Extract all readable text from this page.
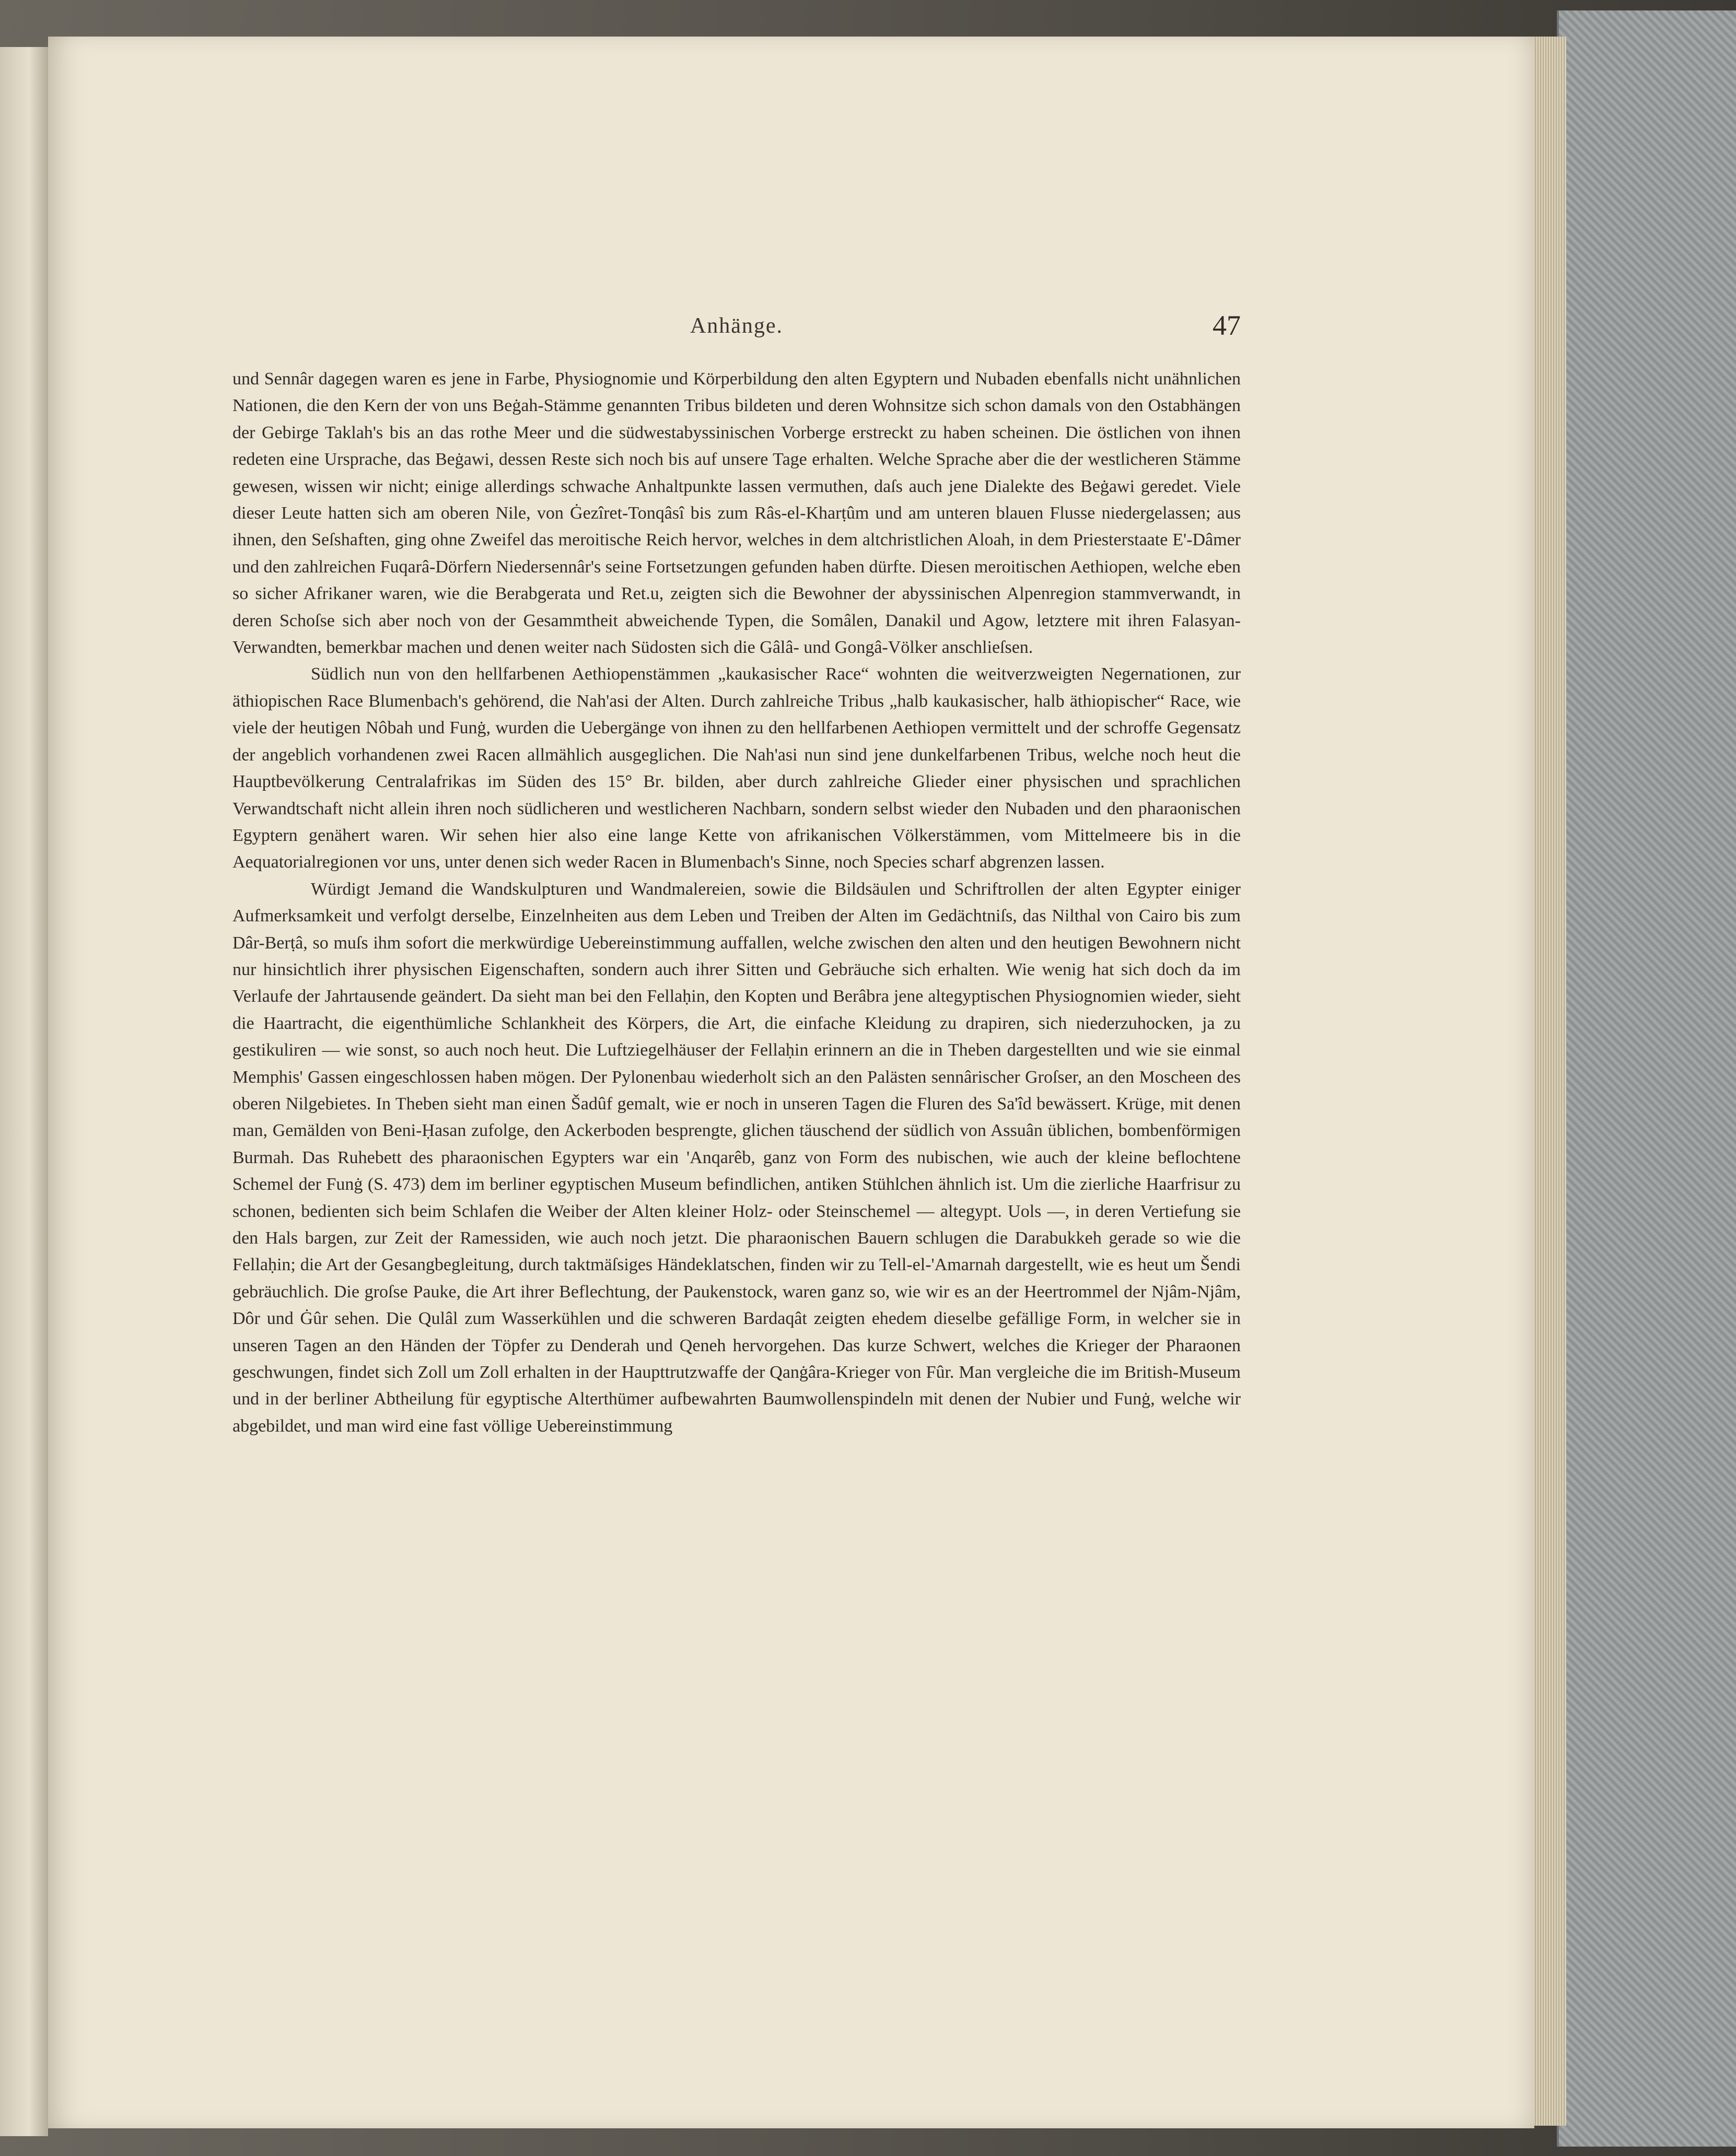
Anhänge.	47

und Sennâr dagegen waren es jene in Farbe, Physiognomie und Körperbildung den alten Egyptern und Nubaden ebenfalls nicht unähnlichen Nationen, die den Kern der von uns Beġah-Stämme genannten Tribus bildeten und deren Wohnsitze sich schon damals von den Ostabhängen der Gebirge Taklah's bis an das rothe Meer und die südwestabyssinischen Vorberge erstreckt zu haben scheinen. Die östlichen von ihnen redeten eine Ursprache, das Beġawi, dessen Reste sich noch bis auf unsere Tage erhalten. Welche Sprache aber die der westlicheren Stämme gewesen, wissen wir nicht; einige allerdings schwache Anhaltpunkte lassen vermuthen, daſs auch jene Dialekte des Beġawi geredet. Viele dieser Leute hatten sich am oberen Nile, von Ġezîret-Tonqâsî bis zum Râs-el-Kharṭûm und am unteren blauen Flusse niedergelassen; aus ihnen, den Seſshaften, ging ohne Zweifel das meroitische Reich hervor, welches in dem altchristlichen Aloah, in dem Priesterstaate E'-Dâmer und den zahlreichen Fuqarâ-Dörfern Niedersennâr's seine Fortsetzungen gefunden haben dürfte. Diesen meroitischen Aethiopen, welche eben so sicher Afrikaner waren, wie die Berabgerata und Ret.u, zeigten sich die Bewohner der abyssinischen Alpenregion stammverwandt, in deren Schoſse sich aber noch von der Gesammtheit abweichende Typen, die Somâlen, Danakil und Agow, letztere mit ihren Falasyan-Verwandten, bemerkbar machen und denen weiter nach Südosten sich die Gâlâ- und Gongâ-Völker anschlieſsen.

Südlich nun von den hellfarbenen Aethiopenstämmen „kaukasischer Race“ wohnten die weitverzweigten Negernationen, zur äthiopischen Race Blumenbach's gehörend, die Nah'asi der Alten. Durch zahlreiche Tribus „halb kaukasischer, halb äthiopischer“ Race, wie viele der heutigen Nôbah und Funġ, wurden die Uebergänge von ihnen zu den hellfarbenen Aethiopen vermittelt und der schroffe Gegensatz der angeblich vorhandenen zwei Racen allmählich ausgeglichen. Die Nah'asi nun sind jene dunkelfarbenen Tribus, welche noch heut die Hauptbevölkerung Centralafrikas im Süden des 15° Br. bilden, aber durch zahlreiche Glieder einer physischen und sprachlichen Verwandtschaft nicht allein ihren noch südlicheren und westlicheren Nachbarn, sondern selbst wieder den Nubaden und den pharaonischen Egyptern genähert waren. Wir sehen hier also eine lange Kette von afrikanischen Völkerstämmen, vom Mittelmeere bis in die Aequatorialregionen vor uns, unter denen sich weder Racen in Blumenbach's Sinne, noch Species scharf abgrenzen lassen.

Würdigt Jemand die Wandskulpturen und Wandmalereien, sowie die Bildsäulen und Schriftrollen der alten Egypter einiger Aufmerksamkeit und verfolgt derselbe, Einzelnheiten aus dem Leben und Treiben der Alten im Gedächtniſs, das Nilthal von Cairo bis zum Dâr-Berṭâ, so muſs ihm sofort die merkwürdige Uebereinstimmung auffallen, welche zwischen den alten und den heutigen Bewohnern nicht nur hinsichtlich ihrer physischen Eigenschaften, sondern auch ihrer Sitten und Gebräuche sich erhalten. Wie wenig hat sich doch da im Verlaufe der Jahrtausende geändert. Da sieht man bei den Fellaḥin, den Kopten und Berâbra jene altegyptischen Physiognomien wieder, sieht die Haartracht, die eigenthümliche Schlankheit des Körpers, die Art, die einfache Kleidung zu drapiren, sich niederzuhocken, ja zu gestikuliren — wie sonst, so auch noch heut. Die Luftziegelhäuser der Fellaḥin erinnern an die in Theben dargestellten und wie sie einmal Memphis' Gassen eingeschlossen haben mögen. Der Pylonenbau wiederholt sich an den Palästen sennârischer Groſser, an den Moscheen des oberen Nilgebietes. In Theben sieht man einen Šadûf gemalt, wie er noch in unseren Tagen die Fluren des Sa'îd bewässert. Krüge, mit denen man, Gemälden von Beni-Ḥasan zufolge, den Ackerboden besprengte, glichen täuschend der südlich von Assuân üblichen, bombenförmigen Burmah. Das Ruhebett des pharaonischen Egypters war ein 'Anqarêb, ganz von Form des nubischen, wie auch der kleine beflochtene Schemel der Funġ (S. 473) dem im berliner egyptischen Museum befindlichen, antiken Stühlchen ähnlich ist. Um die zierliche Haarfrisur zu schonen, bedienten sich beim Schlafen die Weiber der Alten kleiner Holz- oder Steinschemel — altegypt. Uols —, in deren Vertiefung sie den Hals bargen, zur Zeit der Ramessiden, wie auch noch jetzt. Die pharaonischen Bauern schlugen die Darabukkeh gerade so wie die Fellaḥin; die Art der Gesangbegleitung, durch taktmäſsiges Händeklatschen, finden wir zu Tell-el-'Amarnah dargestellt, wie es heut um Šendi gebräuchlich. Die groſse Pauke, die Art ihrer Beflechtung, der Paukenstock, waren ganz so, wie wir es an der Heertrommel der Njâm-Njâm, Dôr und Ġûr sehen. Die Qulâl zum Wasserkühlen und die schweren Bardaqât zeigten ehedem dieselbe gefällige Form, in welcher sie in unseren Tagen an den Händen der Töpfer zu Denderah und Qeneh hervorgehen. Das kurze Schwert, welches die Krieger der Pharaonen geschwungen, findet sich Zoll um Zoll erhalten in der Haupttrutzwaffe der Qanġâra-Krieger von Fûr. Man vergleiche die im British-Museum und in der berliner Abtheilung für egyptische Alterthümer aufbewahrten Baumwollenspindeln mit denen der Nubier und Funġ, welche wir abgebildet, und man wird eine fast völlige Uebereinstimmung
